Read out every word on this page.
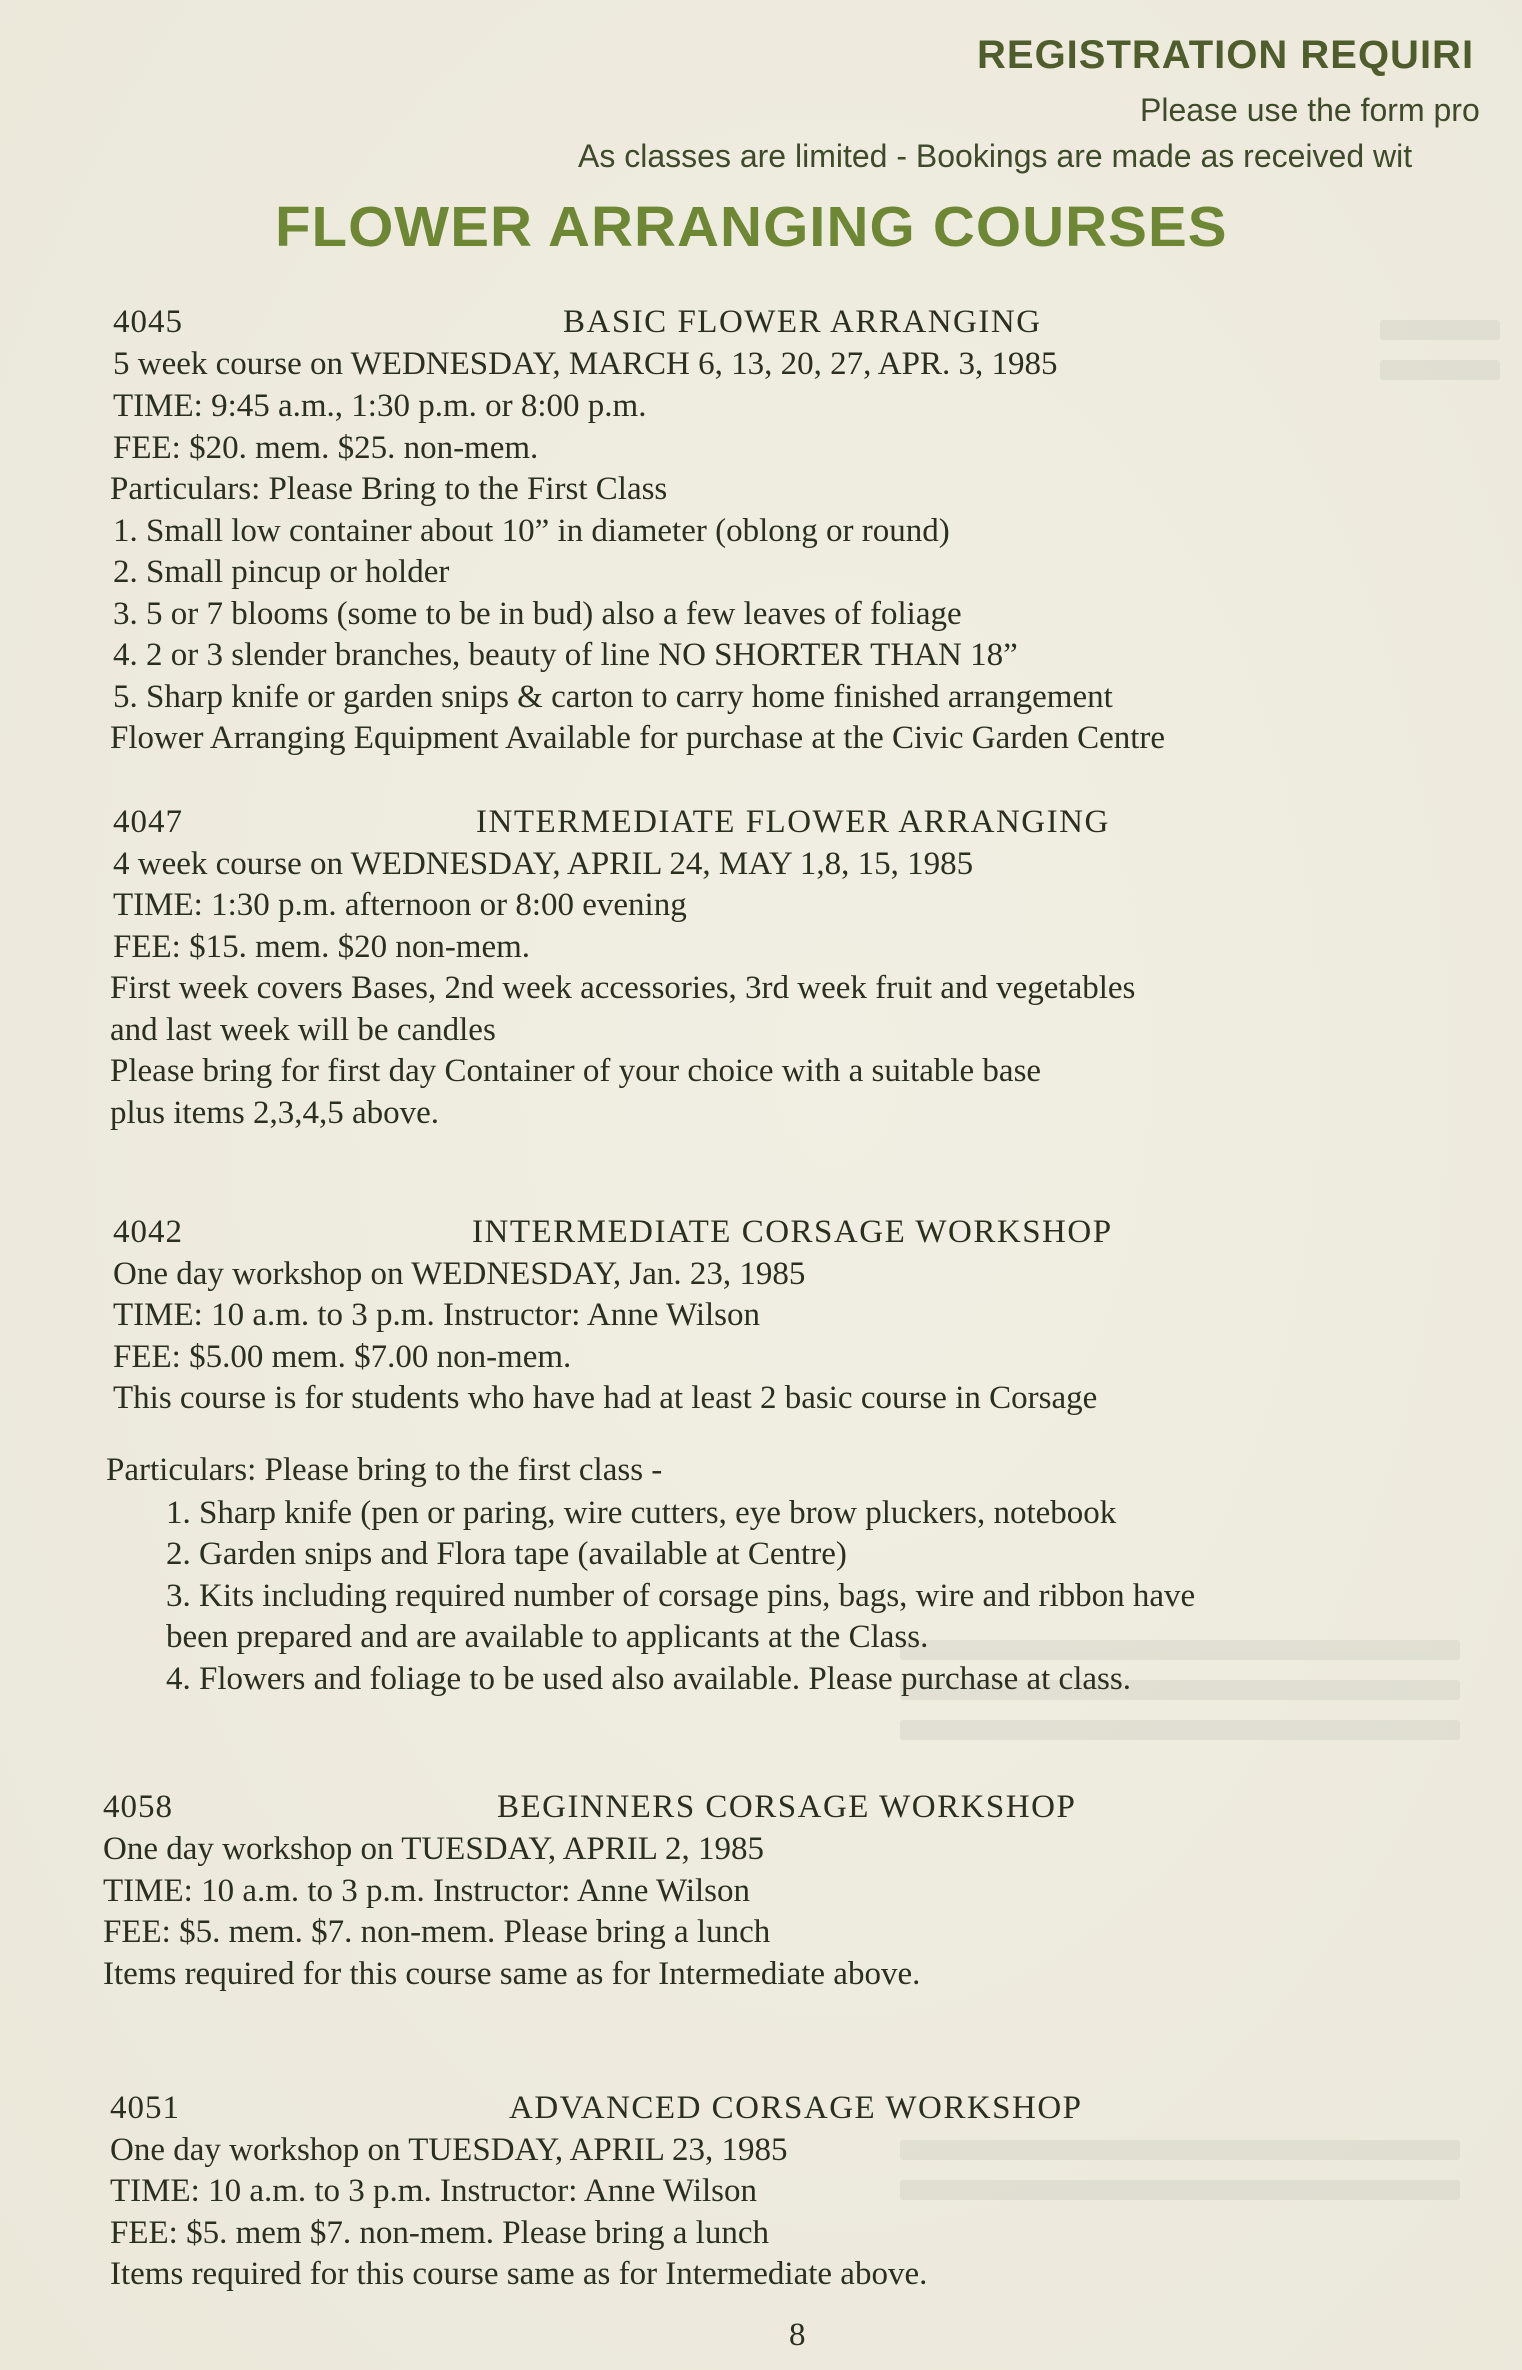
REGISTRATION REQUIRI
Please use the form pro
As classes are limited - Bookings are made as received wit
FLOWER ARRANGING COURSES
4045	BASIC FLOWER ARRANGING
5 week course on WEDNESDAY, MARCH 6, 13, 20, 27, APR. 3, 1985
TIME: 9:45 a.m., 1:30 p.m. or 8:00 p.m.
FEE: $20. mem. $25. non-mem.
Particulars: Please Bring to the First Class
1. Small low container about 10” in diameter (oblong or round)
2. Small pincup or holder
3. 5 or 7 blooms (some to be in bud) also a few leaves of foliage
4. 2 or 3 slender branches, beauty of line NO SHORTER THAN 18”
5. Sharp knife or garden snips & carton to carry home finished arrangement
Flower Arranging Equipment Available for purchase at the Civic Garden Centre
4047	INTERMEDIATE FLOWER ARRANGING
4 week course on WEDNESDAY, APRIL 24, MAY 1,8, 15, 1985
TIME: 1:30 p.m. afternoon or 8:00 evening
FEE: $15. mem. $20 non-mem.
First week covers Bases, 2nd week accessories, 3rd week fruit and vegetables
and last week will be candles
Please bring for first day Container of your choice with a suitable base
plus items 2,3,4,5 above.
4042	INTERMEDIATE CORSAGE WORKSHOP
One day workshop on WEDNESDAY, Jan. 23, 1985
TIME: 10 a.m. to 3 p.m. Instructor: Anne Wilson
FEE: $5.00 mem. $7.00 non-mem.
This course is for students who have had at least 2 basic course in Corsage
Particulars: Please bring to the first class -
1. Sharp knife (pen or paring, wire cutters, eye brow pluckers, notebook
2. Garden snips and Flora tape (available at Centre)
3. Kits including required number of corsage pins, bags, wire and ribbon have
been prepared and are available to applicants at the Class.
4. Flowers and foliage to be used also available. Please purchase at class.
4058	BEGINNERS CORSAGE WORKSHOP
One day workshop on TUESDAY, APRIL 2, 1985
TIME: 10 a.m. to 3 p.m. Instructor: Anne Wilson
FEE: $5. mem. $7. non-mem. Please bring a lunch
Items required for this course same as for Intermediate above.
4051	ADVANCED CORSAGE WORKSHOP
One day workshop on TUESDAY, APRIL 23, 1985
TIME: 10 a.m. to 3 p.m. Instructor: Anne Wilson
FEE: $5. mem $7. non-mem. Please bring a lunch
Items required for this course same as for Intermediate above.
8
